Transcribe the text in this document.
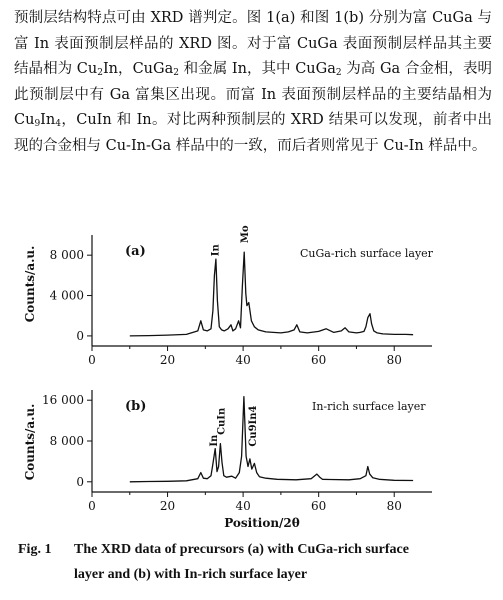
预制层结构特点可由 XRD 谱判定。图 1(a) 和图 1(b) 分别为富 CuGa 与富 In 表面预制层样品的 XRD 图。对于富 CuGa 表面预制层样品其主要结晶相为 $Cu_2In$，CuGa$_2$ 和金属 In，其中 CuGa$_2$ 为高 Ga 合金相，表明此预制层中有 Ga 富集区出现。而富 In 表面预制层样品的主要结晶相为 $Cu_9In_4$，CuIn 和 In。对比两种预制层的 XRD 结果可以发现，前者中出现的合金相与 Cu-In-Ga 样品中的一致，而后者则常见于 Cu-In 样品中。

0	20	40	60	80
0
4 000
8 000	In
Mo
(a)	CuGa-rich surface layer
Counts/a.u.
0	20	40	60	80
0
8 000
16 000
In
CuIn Cu9In4
(b)	In-rich surface layer
Counts/a.u.
Position/2θ
Fig. 1 The XRD data of precursors (a) with CuGa-rich surface
layer and (b) with In-rich surface layer
